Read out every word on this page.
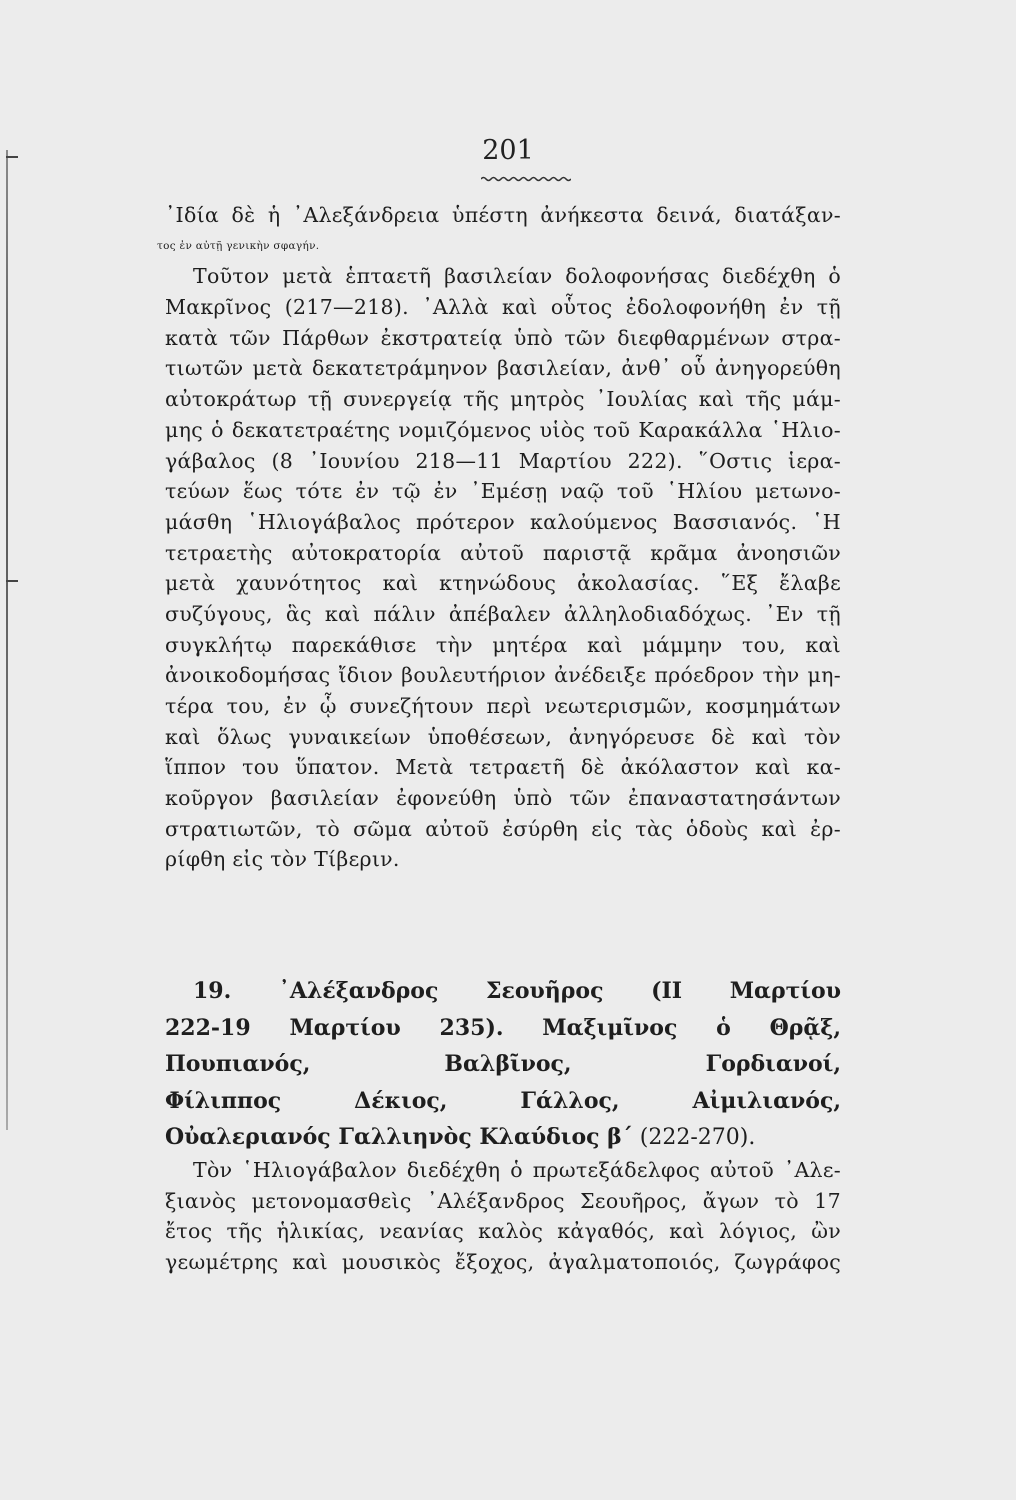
201
᾿Ιδία δὲ ἡ ᾿Αλεξάνδρεια ὑπέστη ἀνήκεστα δεινά, διατάξαν-
τος ἐν αὐτῇ γενικὴν σφαγήν.
Τοῦτον μετὰ ἑπταετῆ βασιλείαν δολοφονήσας διεδέχθη ὁ
Μακρῖνος (217—218). ᾿Αλλὰ καὶ οὗτος ἐδολοφονήθη ἐν τῇ
κατὰ τῶν Πάρθων ἐκστρατείᾳ ὑπὸ τῶν διεφθαρμένων στρα-
τιωτῶν μετὰ δεκατετράμηνον βασιλείαν, ἀνθ᾿ οὗ ἀνηγορεύθη
αὐτοκράτωρ τῇ συνεργείᾳ τῆς μητρὸς ᾿Ιουλίας καὶ τῆς μάμ-
μης ὁ δεκατετραέτης νομιζόμενος υἱὸς τοῦ Καρακάλλα ῾Ηλιο-
γάβαλος (8 ᾿Ιουνίου 218—11 Μαρτίου 222). ῞Οστις ἱερα-
τεύων ἕως τότε ἐν τῷ ἐν ᾿Εμέσῃ ναῷ τοῦ ῾Ηλίου μετωνο-
μάσθη ῾Ηλιογάβαλος πρότερον καλούμενος Βασσιανός. ῾Η
τετραετὴς αὐτοκρατορία αὐτοῦ παριστᾷ κρᾶμα ἀνοησιῶν
μετὰ χαυνότητος καὶ κτηνώδους ἀκολασίας. ῞Εξ ἔλαβε
συζύγους, ἃς καὶ πάλιν ἀπέβαλεν ἀλληλοδιαδόχως. ᾿Εν τῇ
συγκλήτῳ παρεκάθισε τὴν μητέρα καὶ μάμμην του, καὶ
ἀνοικοδομήσας ἴδιον βουλευτήριον ἀνέδειξε πρόεδρον τὴν μη-
τέρα του, ἐν ᾧ συνεζήτουν περὶ νεωτερισμῶν, κοσμημάτων
καὶ ὅλως γυναικείων ὑποθέσεων, ἀνηγόρευσε δὲ καὶ τὸν
ἵππον του ὕπατον. Μετὰ τετραετῆ δὲ ἀκόλαστον καὶ κα-
κοῦργον βασιλείαν ἐφονεύθη ὑπὸ τῶν ἐπαναστατησάντων
στρατιωτῶν, τὸ σῶμα αὐτοῦ ἐσύρθη εἰς τὰς ὁδοὺς καὶ ἐρ-
ρίφθη εἰς τὸν Τίβεριν.
19. ᾿Αλέξανδρος Σεουῆρος (ΙΙ Μαρτίου
222-19 Μαρτίου 235). Μαξιμῖνος ὁ Θρᾷξ,
Πουπιανός, Βαλβῖνος, Γορδιανοί,
Φίλιππος Δέκιος, Γάλλος, Αἰμιλιανός,
Οὐαλεριανός Γαλλιηνὸς Κλαύδιος β΄ (222-270).
Τὸν ῾Ηλιογάβαλον διεδέχθη ὁ πρωτεξάδελφος αὐτοῦ ᾿Αλε-
ξιανὸς μετονομασθεὶς ᾿Αλέξανδρος Σεουῆρος, ἄγων τὸ 17
ἔτος τῆς ἡλικίας, νεανίας καλὸς κἀγαθός, καὶ λόγιος, ὢν
γεωμέτρης καὶ μουσικὸς ἔξοχος, ἀγαλματοποιός, ζωγράφος
